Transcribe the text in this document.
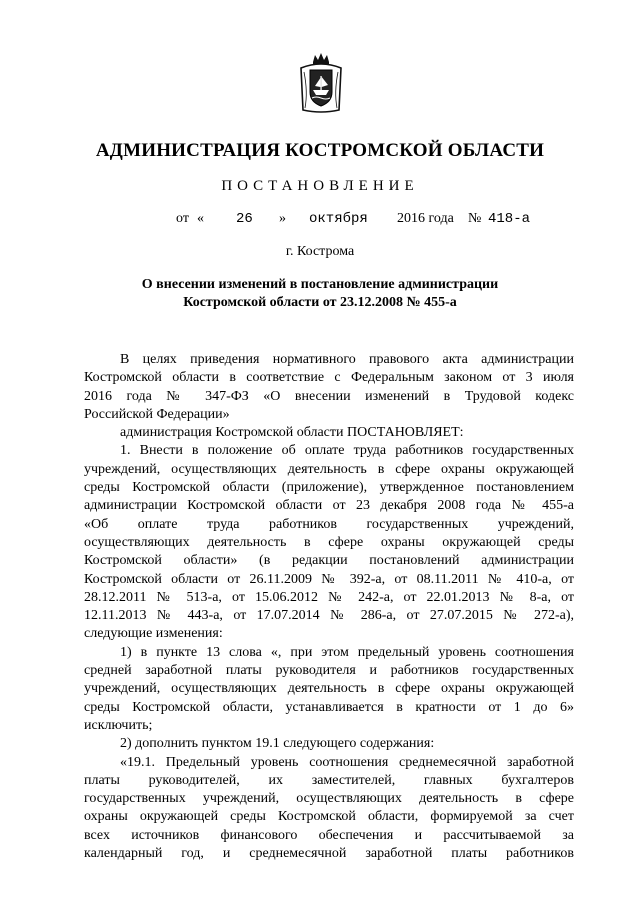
АДМИНИСТРАЦИЯ КОСТРОМСКОЙ ОБЛАСТИ
ПОСТАНОВЛЕНИЕ
от « 26 » октября 2016 года № 418-а
г. Кострома
О внесении изменений в постановление администрации
Костромской области от 23.12.2008 № 455-а
В целях приведения нормативного правового акта администрации
Костромской области в соответствие с Федеральным законом от 3 июля
2016 года № 347-ФЗ «О внесении изменений в Трудовой кодекс
Российской Федерации»
администрация Костромской области ПОСТАНОВЛЯЕТ:
1. Внести в положение об оплате труда работников государственных
учреждений, осуществляющих деятельность в сфере охраны окружающей
среды Костромской области (приложение), утвержденное постановлением
администрации Костромской области от 23 декабря 2008 года № 455-а
«Об оплате труда работников государственных учреждений,
осуществляющих деятельность в сфере охраны окружающей среды
Костромской области» (в редакции постановлений администрации
Костромской области от 26.11.2009 № 392-а, от 08.11.2011 № 410-а, от
28.12.2011 № 513-а, от 15.06.2012 № 242-а, от 22.01.2013 № 8-а, от
12.11.2013 № 443-а, от 17.07.2014 № 286-а, от 27.07.2015 № 272-а),
следующие изменения:
1) в пункте 13 слова «, при этом предельный уровень соотношения
средней заработной платы руководителя и работников государственных
учреждений, осуществляющих деятельность в сфере охраны окружающей
среды Костромской области, устанавливается в кратности от 1 до 6»
исключить;
2) дополнить пунктом 19.1 следующего содержания:
«19.1. Предельный уровень соотношения среднемесячной заработной
платы руководителей, их заместителей, главных бухгалтеров
государственных учреждений, осуществляющих деятельность в сфере
охраны окружающей среды Костромской области, формируемой за счет
всех источников финансового обеспечения и рассчитываемой за
календарный год, и среднемесячной заработной платы работников
